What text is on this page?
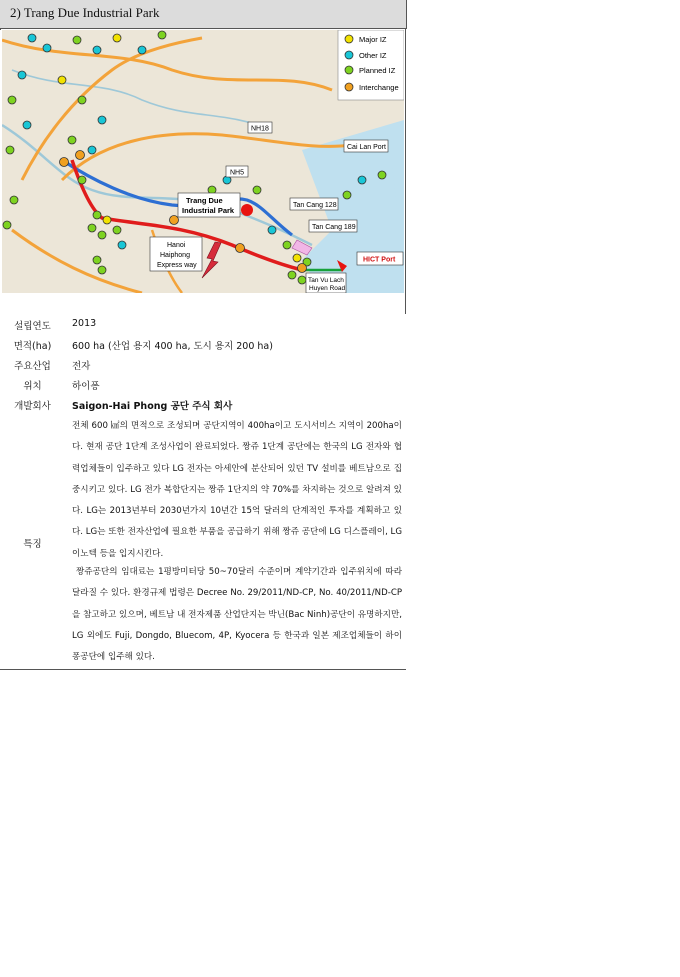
2) Trang Due Industrial Park
Major IZ
Other IZ
Planned IZ
Interchange
NH18
NH5
Cai Lan Port
Trang Due
Industrial Park
Tan Cang 128
Tan Cang 189
HICT Port
Hanoi
Haiphong
Express way
Tan Vu Lach
Huyen Road
설립연도	2013
면적(ha)	600 ha (산업 용지 400 ha, 도시 용지 200 ha)
주요산업	전자
위치	하이퐁
개발회사	Saigon-Hai Phong 공단 주식 회사
특징
전체 600 ㎢의 면적으로 조성되며 공단지역이 400ha이고 도시서비스 지역이 200ha이다. 현재 공단 1단계 조성사업이 완료되었다. 짱쥬 1단계 공단에는 한국의 LG 전자와 협력업체들이 입주하고 있다 LG 전자는 아세안에 분산되어 있던 TV 설비를 베트남으로 집중시키고 있다. LG 전가 복합단지는 짱쥬 1단지의 약 70%를 차지하는 것으로 알려져 있다. LG는 2013년부터 2030년가지 10년간 15억 달러의 단계적인 투자를 계획하고 있다. LG는 또한 전자산업에 필요한 부품을 공급하기 위해 짱쥬 공단에 LG 디스플레이, LG 이노텍 등을 입지시킨다.
짱쥬공단의 임대료는 1평방미터당 50~70달러 수준이며 계약기간과 입주위치에 따라 달라질 수 있다. 환경규제 법령은 Decree No. 29/2011/ND-CP, No. 40/2011/ND-CP을 참고하고 있으며, 베트남 내 전자제품 산업단지는 박닌(Bac Ninh)공단이 유명하지만, LG 외에도 Fuji, Dongdo, Bluecom, 4P, Kyocera 등 한국과 일본 제조업체들이 하이퐁공단에 입주해 있다.
